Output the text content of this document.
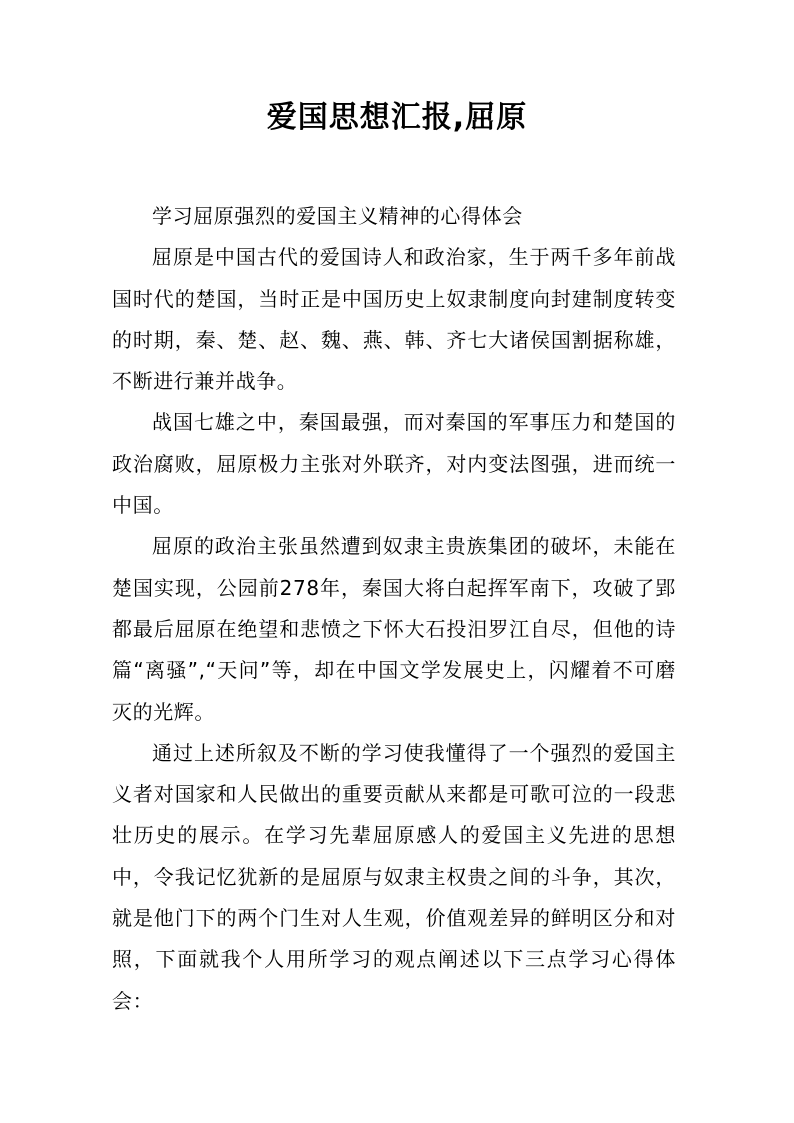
爱国思想汇报,屈原

学习屈原强烈的爱国主义精神的心得体会

屈原是中国古代的爱国诗人和政治家，生于两千多年前战国时代的楚国，当时正是中国历史上奴隶制度向封建制度转变的时期，秦、楚、赵、魏、燕、韩、齐七大诸侯国割据称雄，不断进行兼并战争。

战国七雄之中，秦国最强，而对秦国的军事压力和楚国的政治腐败，屈原极力主张对外联齐，对内变法图强，进而统一中国。

屈原的政治主张虽然遭到奴隶主贵族集团的破坏，未能在楚国实现，公园前278年，秦国大将白起挥军南下，攻破了郢都最后屈原在绝望和悲愤之下怀大石投汨罗江自尽，但他的诗篇“离骚”,“天问”等，却在中国文学发展史上，闪耀着不可磨灭的光辉。

通过上述所叙及不断的学习使我懂得了一个强烈的爱国主义者对国家和人民做出的重要贡献从来都是可歌可泣的一段悲壮历史的展示。在学习先辈屈原感人的爱国主义先进的思想中，令我记忆犹新的是屈原与奴隶主权贵之间的斗争，其次，就是他门下的两个门生对人生观，价值观差异的鲜明区分和对照，下面就我个人用所学习的观点阐述以下三点学习心得体会：
